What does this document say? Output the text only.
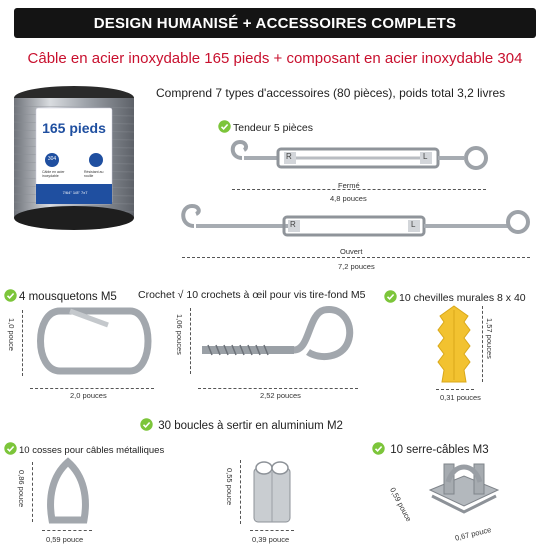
DESIGN HUMANISÉ + ACCESSOIRES COMPLETS
Câble en acier inoxydable 165 pieds + composant en acier inoxydable 304
Comprend 7 types d'accessoires (80 pièces), poids total 3,2 livres
165 pieds
304
Câble en acier inoxydable
Résistant au rouille
7/64" 1/8" 7x7
Tendeur 5 pièces
R	L
Fermé
4,8 pouces
R	L
Ouvert
7,2 pouces
4 mousquetons M5
1,0 pouce
2,0 pouces
Crochet √ 10 crochets à œil pour vis tire-fond M5
1,06 pouces
2,52 pouces
10 chevilles murales 8 x 40
1,57 pouces
0,31 pouces
30 boucles à sertir en aluminium M2
10 cosses pour câbles métalliques
0,86 pouce
0,59 pouce
0,55 pouce
0,39 pouce
10 serre-câbles M3
0,59 pouce
0,67 pouce
